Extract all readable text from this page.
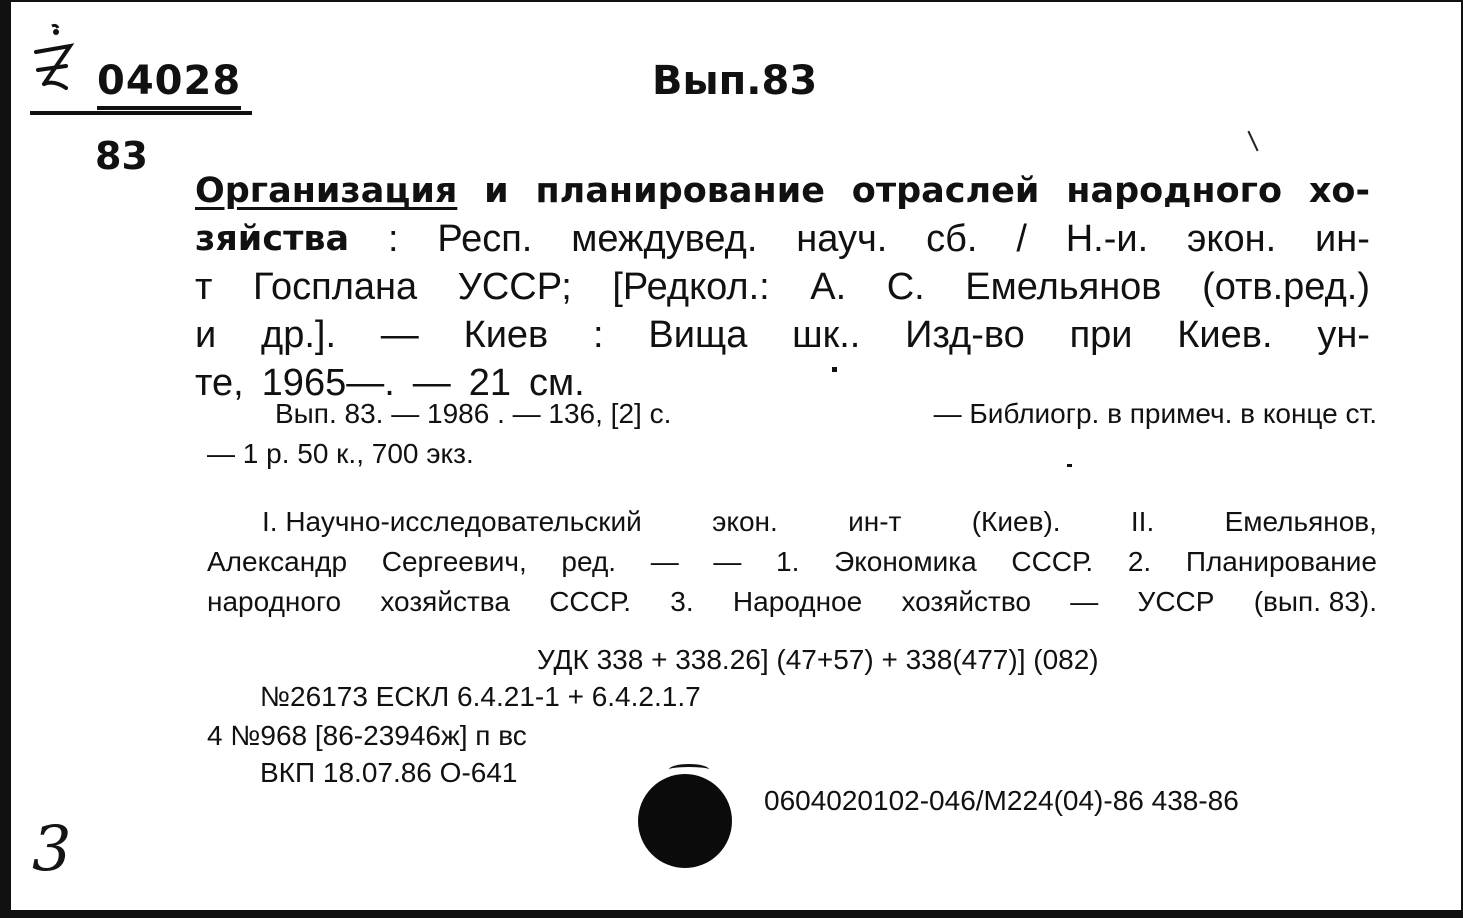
04028	Вып.83
83
Организация и планирование отраслей народного хо-
зяйства : Респ. междувед. науч. сб. / Н.-и. экон. ин-
т Госплана УССР; [Редкол.: А. С. Емельянов (отв.ред.)
и др.]. — Киев : Вища шк.. Изд-во при Киев. ун-
те, 1965—. — 21 см.
Вып. 83. — 1986 . — 136, [2] с.	— Библиогр. в примеч. в конце ст.
— 1 р. 50 к., 700 экз.
I. Научно-исследовательский	экон.	ин-т	(Киев).	II.	Емельянов,
Александр Сергеевич, ред. — — 1. Экономика СССР. 2. Планирование
народного хозяйства СССР. 3. Народное хозяйство — УССР (вып. 83).
УДК 338 + 338.26] (47+57) + 338(477)] (082)
№26173 ЕСКЛ 6.4.21-1 + 6.4.2.1.7
4 №968 [86-23946ж] п вс
ВКП 18.07.86 О-641
0604020102-046/М224(04)-86 438-86
3
